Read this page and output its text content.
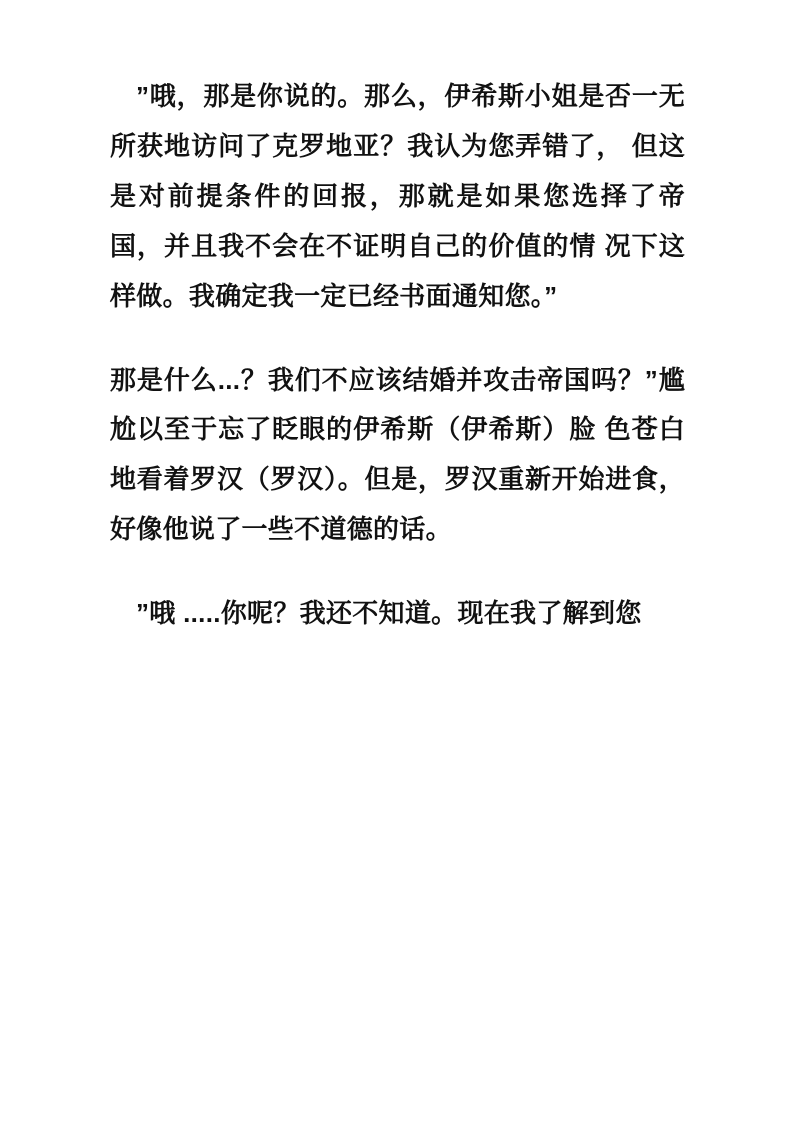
”哦，那是你说的。那么，伊希斯小姐是否一无所获地访问了克罗地亚？我认为您弄错了， 但这是对前提条件的回报，那就是如果您选择了帝国，并且我不会在不证明自己的价值的情 况下这样做。我确定我一定已经书面通知您。”

那是什么...？我们不应该结婚并攻击帝国吗？”尴尬以至于忘了眨眼的伊希斯（伊希斯）脸 色苍白地看着罗汉（罗汉）。但是，罗汉重新开始进食，好像他说了一些不道德的话。

”哦 .....你呢？我还不知道。现在我了解到您
